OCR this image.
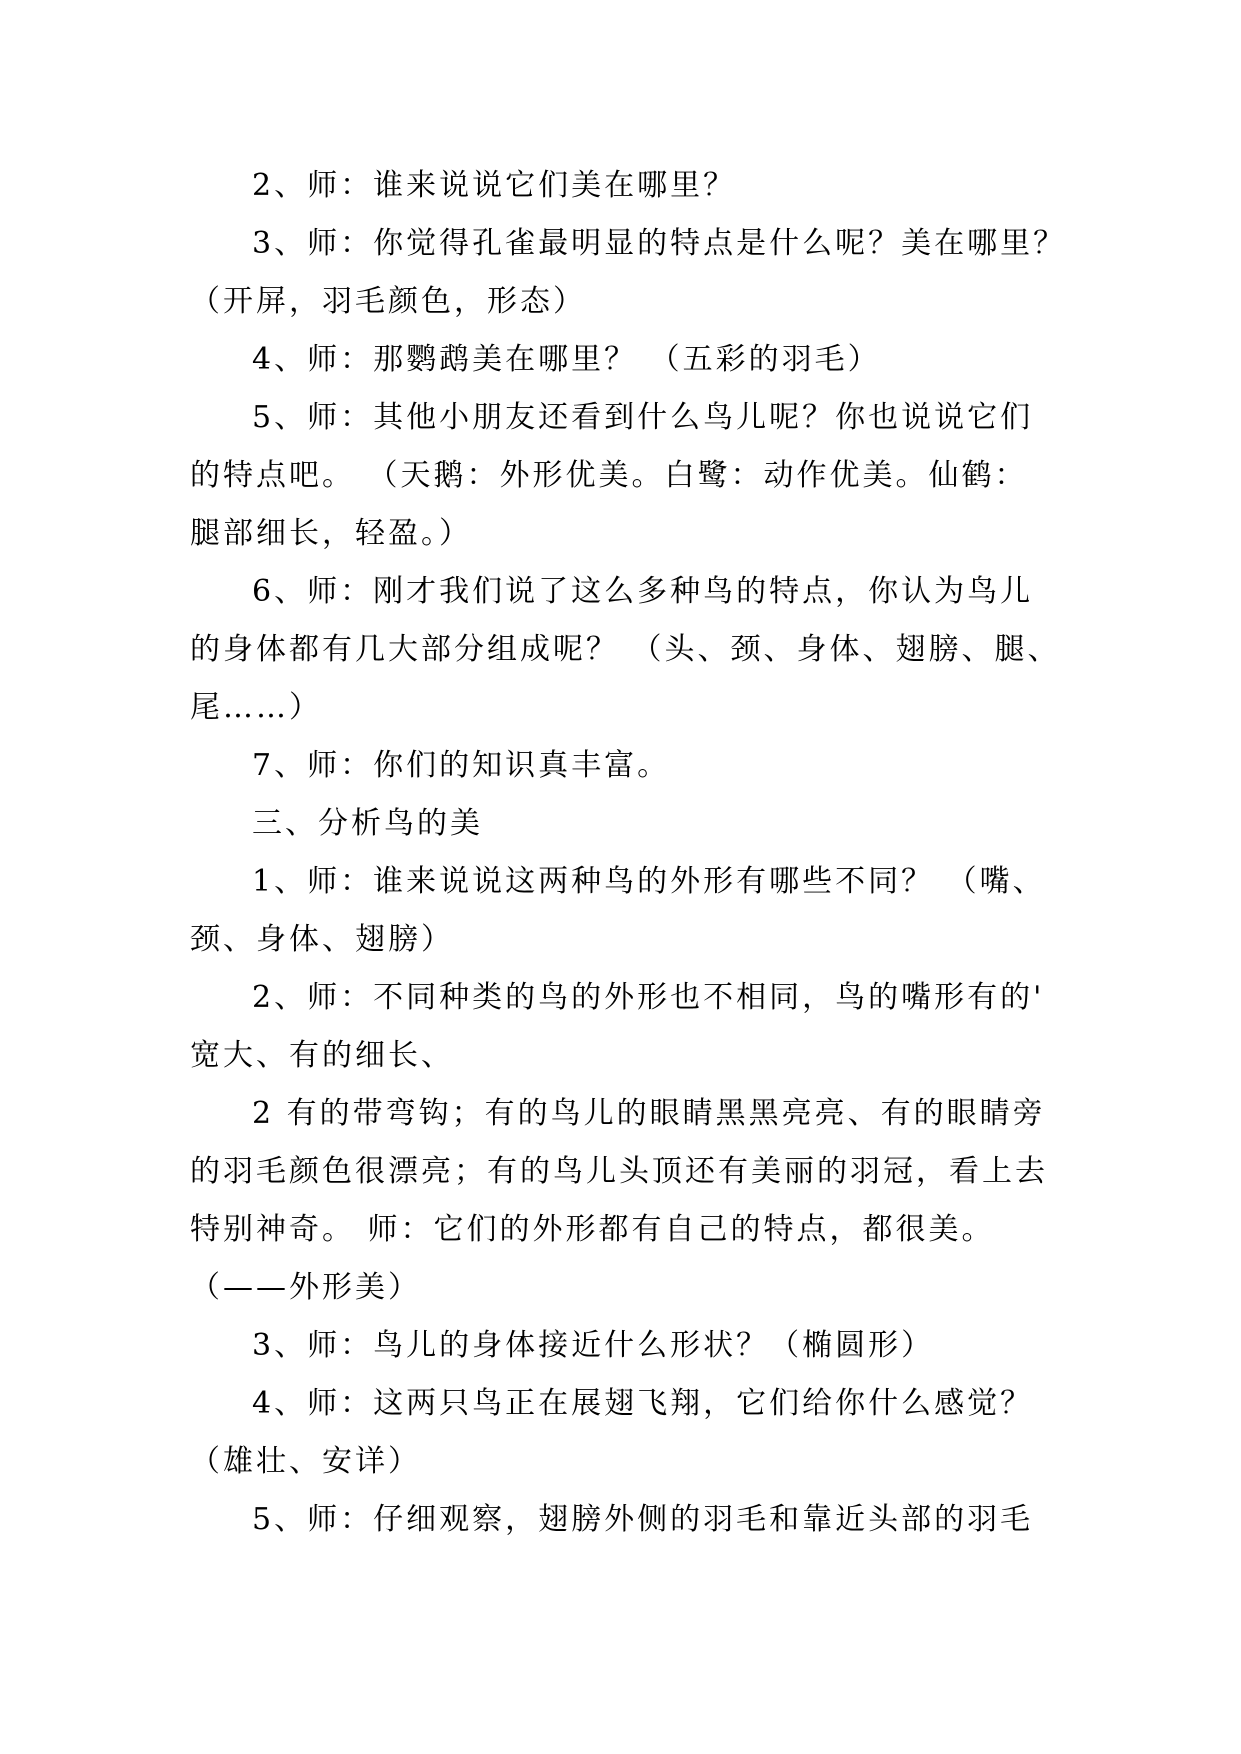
2、师：谁来说说它们美在哪里？

3、师：你觉得孔雀最明显的特点是什么呢？美在哪里？

（开屏，羽毛颜色，形态）

4、师：那鹦鹉美在哪里？ （五彩的羽毛）

5、师：其他小朋友还看到什么鸟儿呢？你也说说它们

的特点吧。 （天鹅：外形优美。白鹭：动作优美。仙鹤：

腿部细长，轻盈。）

6、师：刚才我们说了这么多种鸟的特点，你认为鸟儿

的身体都有几大部分组成呢？ （头、颈、身体、翅膀、腿、

尾……）

7、师：你们的知识真丰富。

三、分析鸟的美

1、师：谁来说说这两种鸟的外形有哪些不同？ （嘴、

颈、身体、翅膀）

2、师：不同种类的鸟的外形也不相同，鸟的嘴形有的'

宽大、有的细长、

2 有的带弯钩；有的鸟儿的眼睛黑黑亮亮、有的眼睛旁

的羽毛颜色很漂亮；有的鸟儿头顶还有美丽的羽冠，看上去

特别神奇。 师：它们的外形都有自己的特点，都很美。

（——外形美）

3、师：鸟儿的身体接近什么形状？（椭圆形）

4、师：这两只鸟正在展翅飞翔，它们给你什么感觉？

（雄壮、安详）

5、师：仔细观察，翅膀外侧的羽毛和靠近头部的羽毛
